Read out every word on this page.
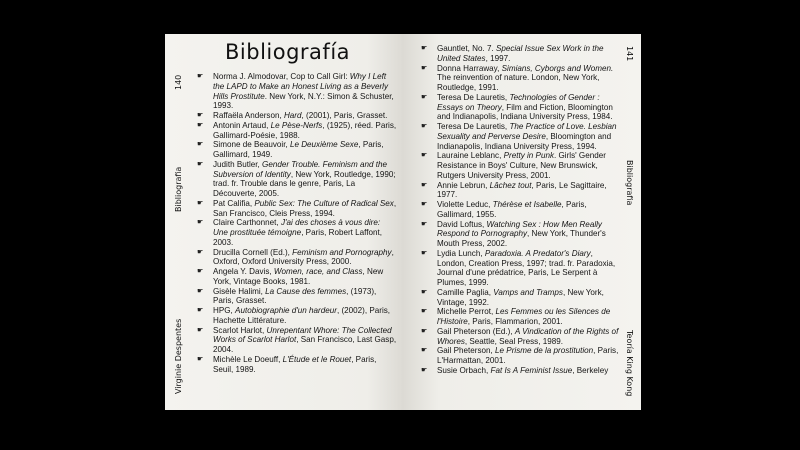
140
Bibliografia
Virginie Despentes
Bibliografía
☛ Norma J. Almodovar, Cop to Call Girl: Why I Left the LAPD to Make an Honest Living as a Beverly Hills Prostitute. New York, N.Y.: Simon & Schuster, 1993.
☛ Raffaëla Anderson, Hard, (2001), Paris, Grasset.
☛ Antonin Artaud, Le Pèse-Nerfs, (1925), réed. Paris, Gallimard-Poésie, 1988.
☛ Simone de Beauvoir, Le Deuxième Sexe, Paris, Gallimard, 1949.
☛ Judith Butler, Gender Trouble. Feminism and the Subversion of Identity, New York, Routledge, 1990; trad. fr. Trouble dans le genre, Paris, La Découverte, 2005.
☛ Pat Califia, Public Sex: The Culture of Radical Sex, San Francisco, Cleis Press, 1994.
☛ Claire Carthonnet, J'ai des choses à vous dire: Une prostituée témoigne, Paris, Robert Laffont, 2003.
☛ Drucilla Cornell (Ed.), Feminism and Pornography, Oxford, Oxford University Press, 2000.
☛ Angela Y. Davis, Women, race, and Class, New York, Vintage Books, 1981.
☛ Gisèle Halimi, La Cause des femmes, (1973), Paris, Grasset.
☛ HPG, Autobiographie d'un hardeur, (2002), Paris, Hachette Littérature.
☛ Scarlot Harlot, Unrepentant Whore: The Collected Works of Scarlot Harlot, San Francisco, Last Gasp, 2004.
☛ Michèle Le Doeuff, L'Étude et le Rouet, Paris, Seuil, 1989.
141
Bibliografia
Teoría King Kong
☛ Gauntlet, No. 7. Special Issue Sex Work in the United States, 1997.
☛ Donna Harraway, Simians, Cyborgs and Women. The reinvention of nature. London, New York, Routledge, 1991.
☛ Teresa De Lauretis, Technologies of Gender : Essays on Theory, Film and Fiction, Bloomington and Indianapolis, Indiana University Press, 1984.
☛ Teresa De Lauretis, The Practice of Love. Lesbian Sexuality and Perverse Desire, Bloomington and Indianapolis, Indiana University Press, 1994.
☛ Lauraine Leblanc, Pretty in Punk. Girls' Gender Resistance in Boys' Culture, New Brunswick, Rutgers University Press, 2001.
☛ Annie Lebrun, Lâchez tout, Paris, Le Sagittaire, 1977.
☛ Violette Leduc, Thérèse et Isabelle, Paris, Gallimard, 1955.
☛ David Loftus, Watching Sex : How Men Really Respond to Pornography, New York, Thunder's Mouth Press, 2002.
☛ Lydia Lunch, Paradoxia. A Predator's Diary, London, Creation Press, 1997; trad. fr. Paradoxia, Journal d'une prédatrice, Paris, Le Serpent à Plumes, 1999.
☛ Camille Paglia, Vamps and Tramps, New York, Vintage, 1992.
☛ Michelle Perrot, Les Femmes ou les Silences de l'Histoire, Paris, Flammarion, 2001.
☛ Gail Pheterson (Ed.), A Vindication of the Rights of Whores, Seattle, Seal Press, 1989.
☛ Gail Pheterson, Le Prisme de la prostitution, Paris, L'Harmattan, 2001.
☛ Susie Orbach, Fat Is A Feminist Issue, Berkeley
